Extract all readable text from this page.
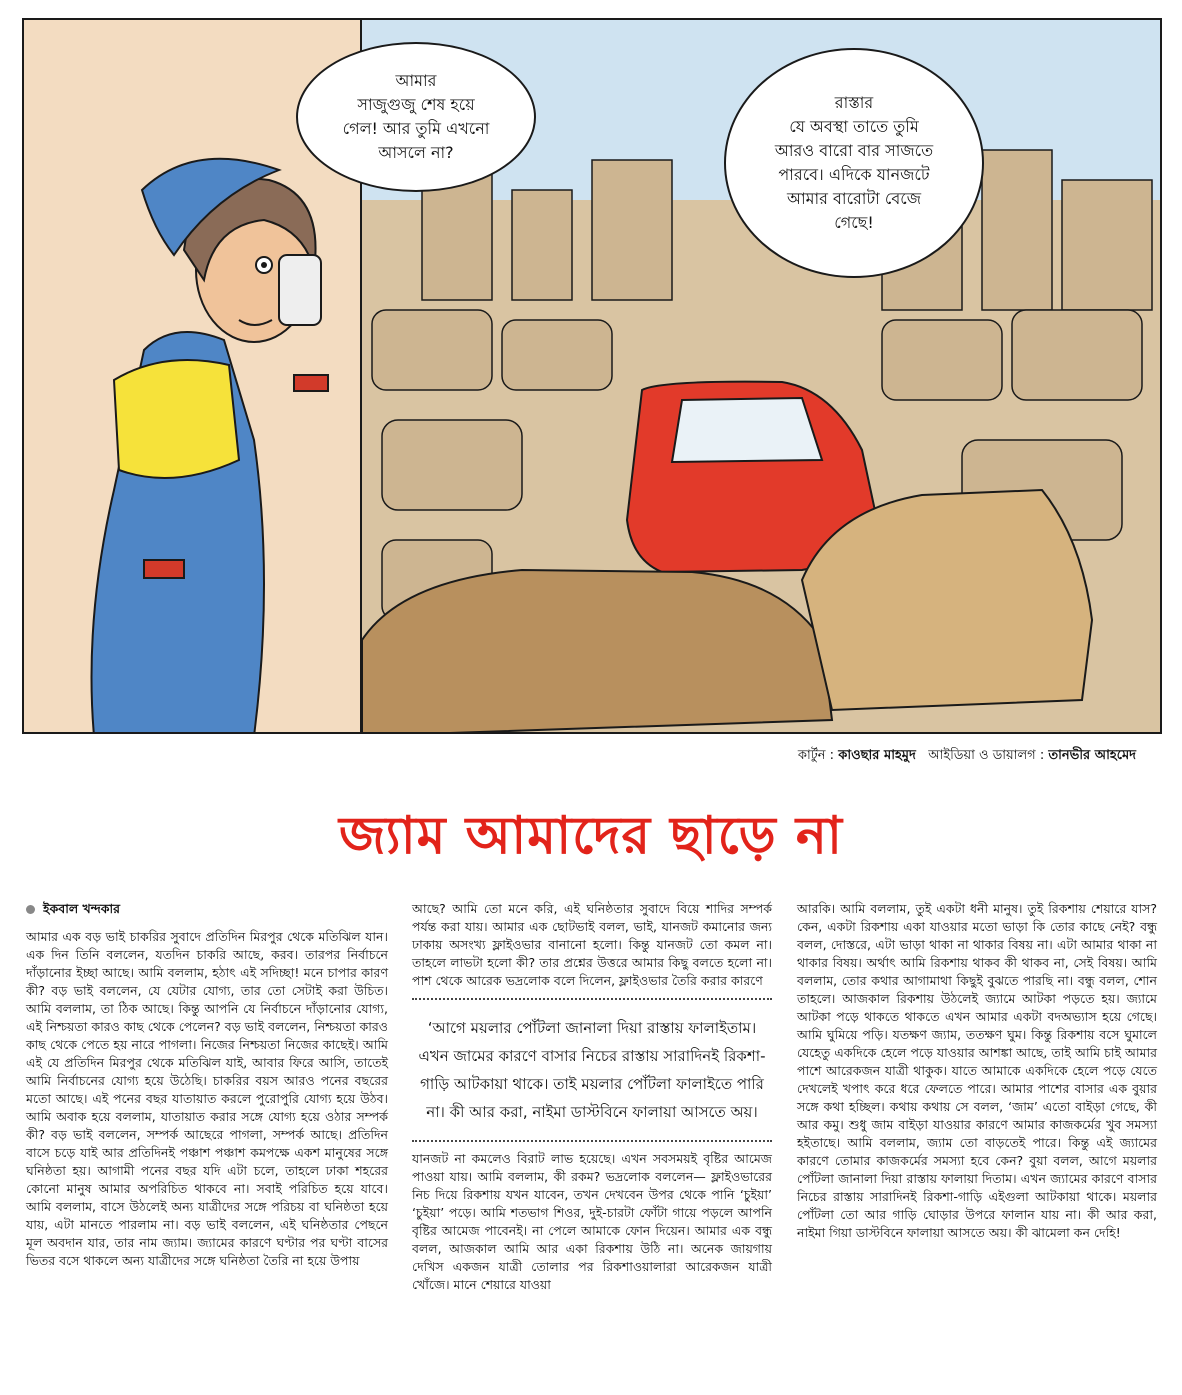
আমার
সাজুগুজু শেষ হয়ে
গেল! আর তুমি এখনো
আসলে না?
রাস্তার
যে অবস্থা তাতে তুমি
আরও বারো বার সাজতে
পারবে। এদিকে যানজটে
আমার বারোটা বেজে
গেছে!
কার্টুন : কাওছার মাহমুদ আইডিয়া ও ডায়ালগ : তানভীর আহমেদ
জ্যাম আমাদের ছাড়ে না
ইকবাল খন্দকার

আমার এক বড় ভাই চাকরির সুবাদে প্রতিদিন মিরপুর থেকে মতিঝিল যান। এক দিন তিনি বললেন, যতদিন চাকরি আছে, করব। তারপর নির্বাচনে দাঁড়ানোর ইচ্ছা আছে। আমি বললাম, হঠাৎ এই সদিচ্ছা! মনে চাপার কারণ কী? বড় ভাই বললেন, যে যেটার যোগ্য, তার তো সেটাই করা উচিত। আমি বললাম, তা ঠিক আছে। কিন্তু আপনি যে নির্বাচনে দাঁড়ানোর যোগ্য, এই নিশ্চয়তা কারও কাছ থেকে পেলেন? বড় ভাই বললেন, নিশ্চয়তা কারও কাছ থেকে পেতে হয় নারে পাগলা। নিজের নিশ্চয়তা নিজের কাছেই। আমি এই যে প্রতিদিন মিরপুর থেকে মতিঝিল যাই, আবার ফিরে আসি, তাতেই আমি নির্বাচনের যোগ্য হয়ে উঠেছি। চাকরির বয়স আরও পনের বছরের মতো আছে। এই পনের বছর যাতায়াত করলে পুরোপুরি যোগ্য হয়ে উঠব। আমি অবাক হয়ে বললাম, যাতায়াত করার সঙ্গে যোগ্য হয়ে ওঠার সম্পর্ক কী? বড় ভাই বললেন, সম্পর্ক আছেরে পাগলা, সম্পর্ক আছে। প্রতিদিন বাসে চড়ে যাই আর প্রতিদিনই পঞ্চাশ পঞ্চাশ কমপক্ষে একশ মানুষের সঙ্গে ঘনিষ্ঠতা হয়। আগামী পনের বছর যদি এটা চলে, তাহলে ঢাকা শহরের কোনো মানুষ আমার অপরিচিত থাকবে না। সবাই পরিচিত হয়ে যাবে। আমি বললাম, বাসে উঠলেই অন্য যাত্রীদের সঙ্গে পরিচয় বা ঘনিষ্ঠতা হয়ে যায়, এটা মানতে পারলাম না। বড় ভাই বললেন, এই ঘনিষ্ঠতার পেছনে মূল অবদান যার, তার নাম জ্যাম। জ্যামের কারণে ঘণ্টার পর ঘণ্টা বাসের ভিতর বসে থাকলে অন্য যাত্রীদের সঙ্গে ঘনিষ্ঠতা তৈরি না হয়ে উপায়

আছে? আমি তো মনে করি, এই ঘনিষ্ঠতার সুবাদে বিয়ে শাদির সম্পর্ক পর্যন্ত করা যায়। আমার এক ছোটভাই বলল, ভাই, যানজট কমানোর জন্য ঢাকায় অসংখ্য ফ্লাইওভার বানানো হলো। কিন্তু যানজট তো কমল না। তাহলে লাভটা হলো কী? তার প্রশ্নের উত্তরে আমার কিছু বলতে হলো না। পাশ থেকে আরেক ভদ্রলোক বলে দিলেন, ফ্লাইওভার তৈরি করার কারণে

‘আগে ময়লার পোঁটলা জানালা দিয়া রাস্তায় ফালাইতাম। এখন জামের কারণে বাসার নিচের রাস্তায় সারাদিনই রিকশা-গাড়ি আটকায়া থাকে। তাই ময়লার পোঁটলা ফালাইতে পারি না। কী আর করা, নাইমা ডাস্টবিনে ফালায়া আসতে অয়।

যানজট না কমলেও বিরাট লাভ হয়েছে। এখন সবসময়ই বৃষ্টির আমেজ পাওয়া যায়। আমি বললাম, কী রকম? ভদ্রলোক বললেন— ফ্লাইওভারের নিচ দিয়ে রিকশায় যখন যাবেন, তখন দেখবেন উপর থেকে পানি ‘চুইয়া’ ‘চুইয়া’ পড়ে। আমি শতভাগ শিওর, দুই-চারটা ফোঁটা গায়ে পড়লে আপনি বৃষ্টির আমেজ পাবেনই। না পেলে আমাকে ফোন দিয়েন। আমার এক বন্ধু বলল, আজকাল আমি আর একা রিকশায় উঠি না। অনেক জায়গায় দেখিস একজন যাত্রী তোলার পর রিকশাওয়ালারা আরেকজন যাত্রী খোঁজে। মানে শেয়ারে যাওয়া

আরকি। আমি বললাম, তুই একটা ধনী মানুষ। তুই রিকশায় শেয়ারে যাস? কেন, একটা রিকশায় একা যাওয়ার মতো ভাড়া কি তোর কাছে নেই? বন্ধু বলল, দোস্তরে, এটা ভাড়া থাকা না থাকার বিষয় না। এটা আমার থাকা না থাকার বিষয়। অর্থাৎ আমি রিকশায় থাকব কী থাকব না, সেই বিষয়। আমি বললাম, তোর কথার আগামাথা কিছুই বুঝতে পারছি না। বন্ধু বলল, শোন তাহলে। আজকাল রিকশায় উঠলেই জ্যামে আটকা পড়তে হয়। জ্যামে আটকা পড়ে থাকতে থাকতে এখন আমার একটা বদঅভ্যাস হয়ে গেছে। আমি ঘুমিয়ে পড়ি। যতক্ষণ জ্যাম, ততক্ষণ ঘুম। কিন্তু রিকশায় বসে ঘুমালে যেহেতু একদিকে হেলে পড়ে যাওয়ার আশঙ্কা আছে, তাই আমি চাই আমার পাশে আরেকজন যাত্রী থাকুক। যাতে আমাকে একদিকে হেলে পড়ে যেতে দেখলেই খপাৎ করে ধরে ফেলতে পারে। আমার পাশের বাসার এক বুয়ার সঙ্গে কথা হচ্ছিল। কথায় কথায় সে বলল, ‘জাম’ এতো বাইড়া গেছে, কী আর কমু। শুধু জাম বাইড়া যাওয়ার কারণে আমার কাজকর্মের খুব সমস্যা হইতাছে। আমি বললাম, জ্যাম তো বাড়তেই পারে। কিন্তু এই জ্যামের কারণে তোমার কাজকর্মের সমস্যা হবে কেন? বুয়া বলল, আগে ময়লার পোঁটলা জানালা দিয়া রাস্তায় ফালায়া দিতাম। এখন জ্যামের কারণে বাসার নিচের রাস্তায় সারাদিনই রিকশা-গাড়ি এইগুলা আটকায়া থাকে। ময়লার পোঁটলা তো আর গাড়ি ঘোড়ার উপরে ফালান যায় না। কী আর করা, নাইমা গিয়া ডাস্টবিনে ফালায়া আসতে অয়। কী ঝামেলা কন দেহি!
